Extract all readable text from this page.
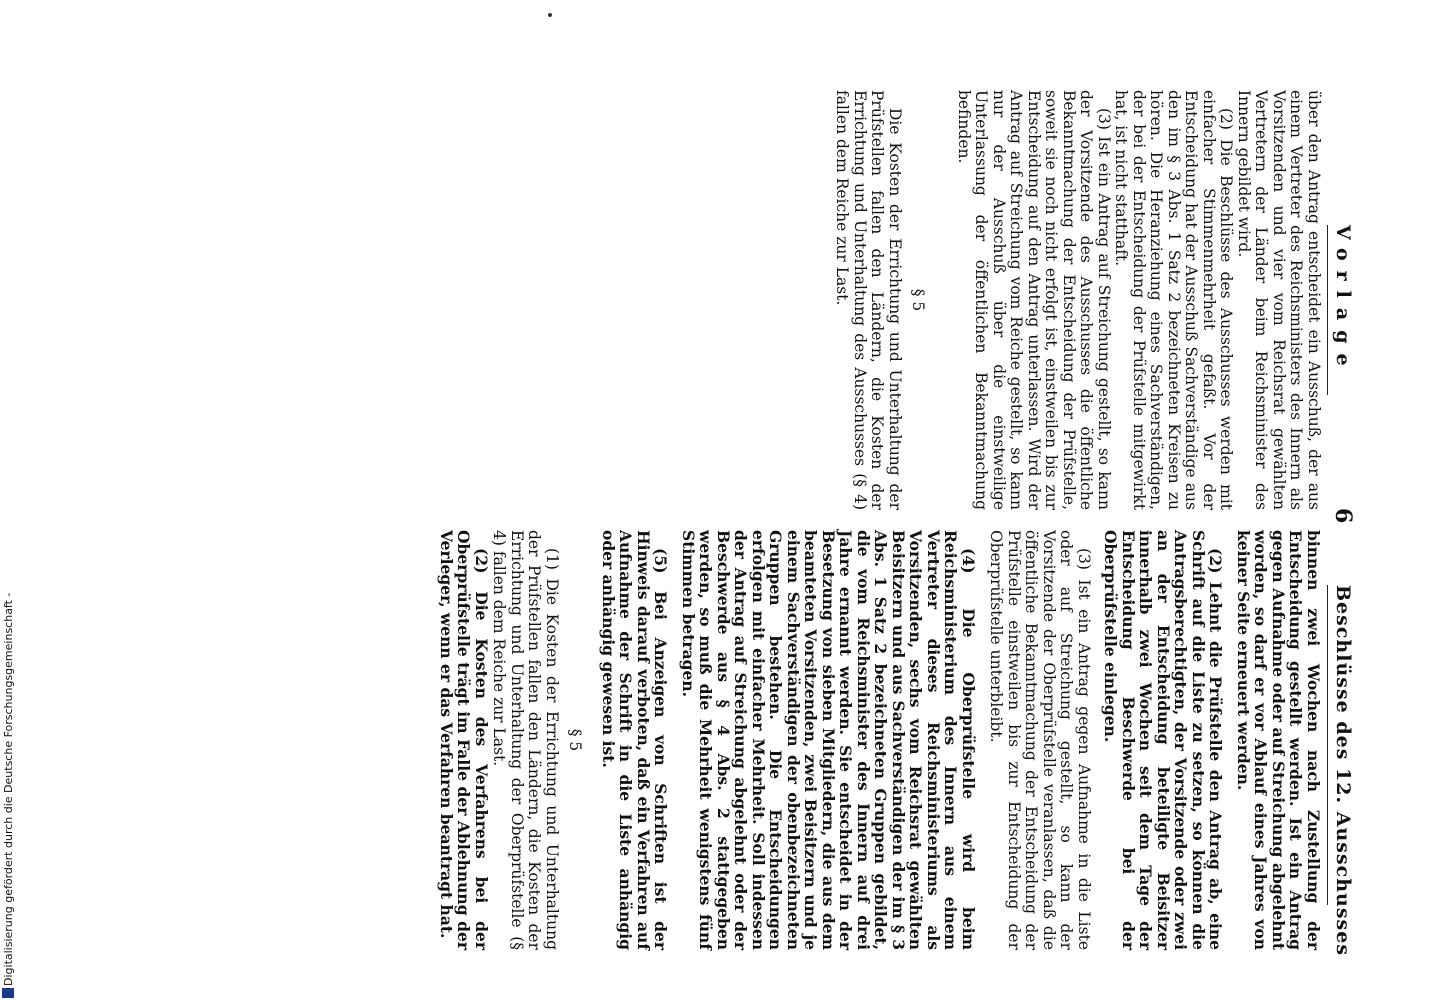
Vorlage
6
Beschlüsse des 12. Ausschusses

über den Antrag entscheidet ein Ausschuß, der aus einem Vertreter des Reichsministers des Innern als Vorsitzenden und vier vom Reichsrat gewählten Vertretern der Länder beim Reichsminister des Innern gebildet wird.

(2) Die Beschlüsse des Ausschusses werden mit einfacher Stimmenmehrheit gefaßt. Vor der Entscheidung hat der Ausschuß Sachverständige aus den im § 3 Abs. 1 Satz 2 bezeichneten Kreisen zu hören. Die Heranziehung eines Sachverständigen, der bei der Entscheidung der Prüfstelle mitgewirkt hat, ist nicht statthaft.

(3) Ist ein Antrag auf Streichung gestellt, so kann der Vorsitzende des Ausschusses die öffentliche Bekanntmachung der Entscheidung der Prüfstelle, soweit sie noch nicht erfolgt ist, einstweilen bis zur Entscheidung auf den Antrag unterlassen. Wird der Antrag auf Streichung vom Reiche gestellt, so kann nur der Ausschuß über die einstweilige Unterlassung der öffentlichen Bekanntmachung befinden.

§ 5

Die Kosten der Errichtung und Unterhaltung der Prüfstellen fallen den Ländern, die Kosten der Errichtung und Unterhaltung des Ausschusses (§ 4) fallen dem Reiche zur Last.

binnen zwei Wochen nach Zustellung der Entscheidung gestellt werden. Ist ein Antrag gegen Aufnahme oder auf Streichung abgelehnt worden, so darf er vor Ablauf eines Jahres von keiner Seite erneuert werden.

(2) Lehnt die Prüfstelle den Antrag ab, eine Schrift auf die Liste zu setzen, so können die Antragsberechtigten, der Vorsitzende oder zwei an der Entscheidung beteiligte Beisitzer innerhalb zwei Wochen seit dem Tage der Entscheidung Beschwerde bei der Oberprüfstelle einlegen.

(3) Ist ein Antrag gegen Aufnahme in die Liste oder auf Streichung gestellt, so kann der Vorsitzende der Oberprüfstelle veranlassen, daß die öffentliche Bekanntmachung der Entscheidung der Prüfstelle einstweilen bis zur Entscheidung der Oberprüfstelle unterbleibt.

(4) Die Oberprüfstelle wird beim Reichsministerium des Innern aus einem Vertreter dieses Reichsministeriums als Vorsitzenden, sechs vom Reichsrat gewählten Beisitzern und aus Sachverständigen der im § 3 Abs. 1 Satz 2 bezeichneten Gruppen gebildet, die vom Reichsminister des Innern auf drei Jahre ernannt werden. Sie entscheidet in der Besetzung von sieben Mitgliedern, die aus dem beamteten Vorsitzenden, zwei Beisitzern und je einem Sachverständigen der obenbezeichneten Gruppen bestehen. Die Entscheidungen erfolgen mit einfacher Mehrheit. Soll indessen der Antrag auf Streichung abgelehnt oder der Beschwerde aus § 4 Abs. 2 stattgegeben werden, so muß die Mehrheit wenigstens fünf Stimmen betragen.

(5) Bei Anzeigen von Schriften ist der Hinweis darauf verboten, daß ein Verfahren auf Aufnahme der Schrift in die Liste anhängig oder anhängig gewesen ist.

§ 5

(1) Die Kosten der Errichtung und Unterhaltung der Prüfstellen fallen den Ländern, die Kosten der Errichtung und Unterhaltung der Oberprüfstelle (§ 4) fallen dem Reiche zur Last.

(2) Die Kosten des Verfahrens bei der Oberprüfstelle trägt im Falle der Ablehnung der Verleger, wenn er das Verfahren beantragt hat.

Digitalisierung gefördert durch die Deutsche Forschungsgemeinschaft -
